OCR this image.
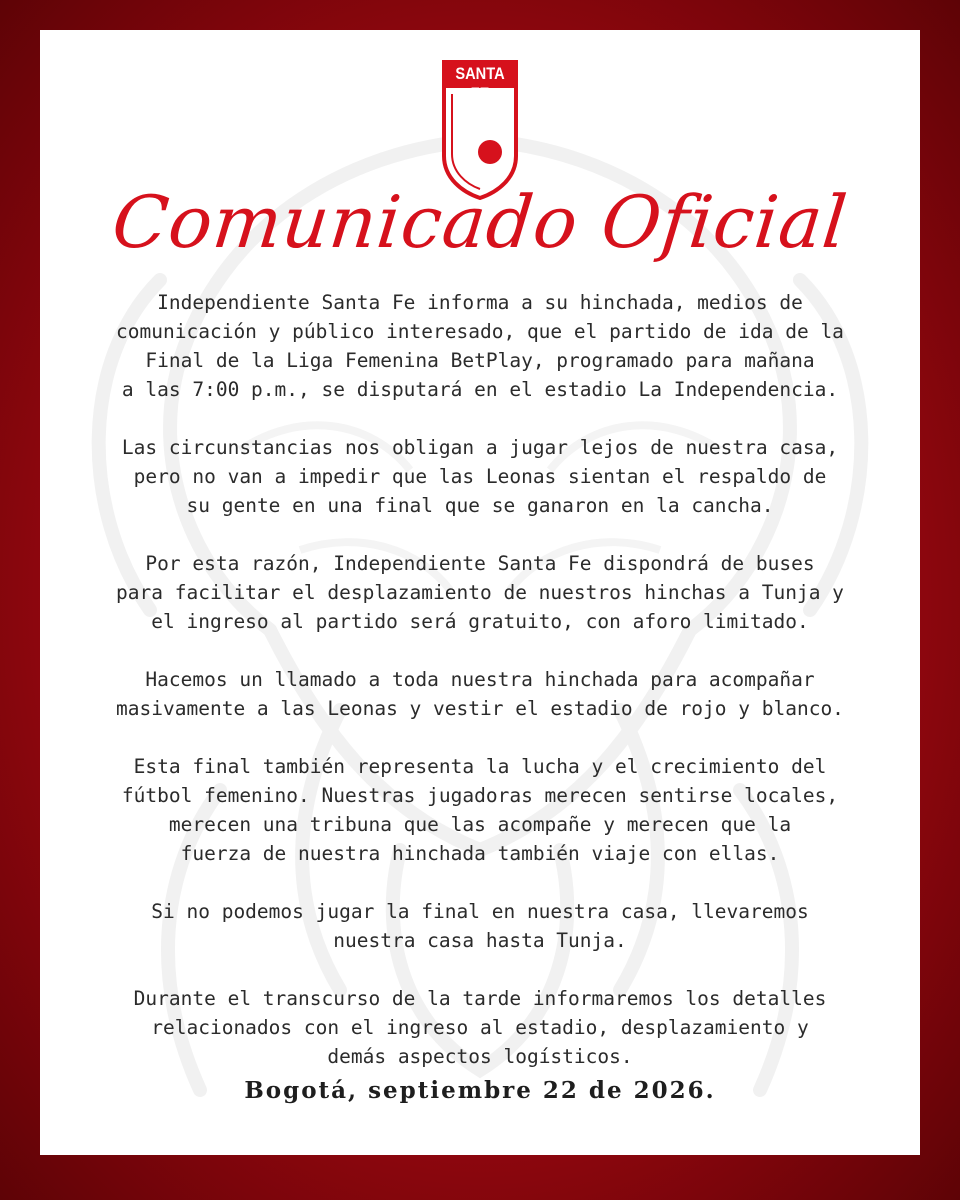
SANTA FE
Comunicado Oficial

Independiente Santa Fe informa a su hinchada, medios de
comunicación y público interesado, que el partido de ida de la
Final de la Liga Femenina BetPlay, programado para mañana
a las 7:00 p.m., se disputará en el estadio La Independencia.

Las circunstancias nos obligan a jugar lejos de nuestra casa,
pero no van a impedir que las Leonas sientan el respaldo de
su gente en una final que se ganaron en la cancha.

Por esta razón, Independiente Santa Fe dispondrá de buses
para facilitar el desplazamiento de nuestros hinchas a Tunja y
el ingreso al partido será gratuito, con aforo limitado.

Hacemos un llamado a toda nuestra hinchada para acompañar
masivamente a las Leonas y vestir el estadio de rojo y blanco.

Esta final también representa la lucha y el crecimiento del
fútbol femenino. Nuestras jugadoras merecen sentirse locales,
merecen una tribuna que las acompañe y merecen que la
fuerza de nuestra hinchada también viaje con ellas.

Si no podemos jugar la final en nuestra casa, llevaremos
nuestra casa hasta Tunja.

Durante el transcurso de la tarde informaremos los detalles
relacionados con el ingreso al estadio, desplazamiento y
demás aspectos logísticos.

Bogotá, septiembre 22 de 2026.
